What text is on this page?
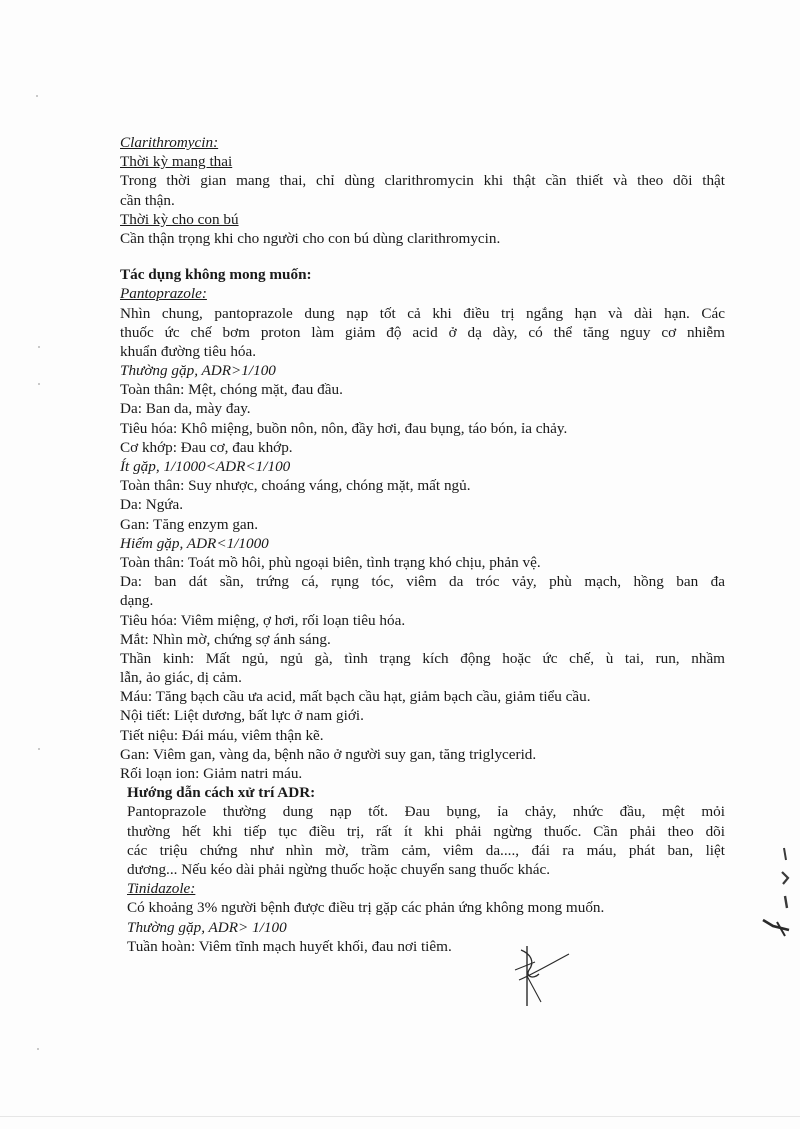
Clarithromycin:
Thời kỳ mang thai
Trong thời gian mang thai, chỉ dùng clarithromycin khi thật cần thiết và theo dõi thật
cần thận.
Thời kỳ cho con bú
Cần thận trọng khi cho người cho con bú dùng clarithromycin.
Tác dụng không mong muốn:
Pantoprazole:
Nhìn chung, pantoprazole dung nạp tốt cả khi điều trị ngắng hạn và dài hạn. Các
thuốc ức chế bơm proton làm giảm độ acid ở dạ dày, có thể tăng nguy cơ nhiễm
khuẩn đường tiêu hóa.
Thường gặp, ADR>1/100
Toàn thân: Mệt, chóng mặt, đau đầu.
Da: Ban da, mày đay.
Tiêu hóa: Khô miệng, buồn nôn, nôn, đầy hơi, đau bụng, táo bón, ỉa chảy.
Cơ khớp: Đau cơ, đau khớp.
Ít gặp, 1/1000<ADR<1/100
Toàn thân: Suy nhược, choáng váng, chóng mặt, mất ngủ.
Da: Ngứa.
Gan: Tăng enzym gan.
Hiếm gặp, ADR<1/1000
Toàn thân: Toát mồ hôi, phù ngoại biên, tình trạng khó chịu, phản vệ.
Da: ban dát sần, trứng cá, rụng tóc, viêm da tróc vảy, phù mạch, hồng ban đa
dạng.
Tiêu hóa: Viêm miệng, ợ hơi, rối loạn tiêu hóa.
Mắt: Nhìn mờ, chứng sợ ánh sáng.
Thần kinh: Mất ngủ, ngủ gà, tình trạng kích động hoặc ức chế, ù tai, run, nhầm
lẫn, ảo giác, dị cảm.
Máu: Tăng bạch cầu ưa acid, mất bạch cầu hạt, giảm bạch cầu, giảm tiểu cầu.
Nội tiết: Liệt dương, bất lực ở nam giới.
Tiết niệu: Đái máu, viêm thận kẽ.
Gan: Viêm gan, vàng da, bệnh não ở người suy gan, tăng triglycerid.
Rối loạn ion: Giảm natri máu.
Hướng dẫn cách xử trí ADR:
Pantoprazole thường dung nạp tốt. Đau bụng, ỉa chảy, nhức đầu, mệt mỏi
thường hết khi tiếp tục điều trị, rất ít khi phải ngừng thuốc. Cần phải theo dõi
các triệu chứng như nhìn mờ, trầm cảm, viêm da...., đái ra máu, phát ban, liệt
dương... Nếu kéo dài phải ngừng thuốc hoặc chuyển sang thuốc khác.
Tinidazole:
Có khoảng 3% người bệnh được điều trị gặp các phản ứng không mong muốn.
Thường gặp, ADR> 1/100
Tuần hoàn: Viêm tĩnh mạch huyết khối, đau nơi tiêm.
